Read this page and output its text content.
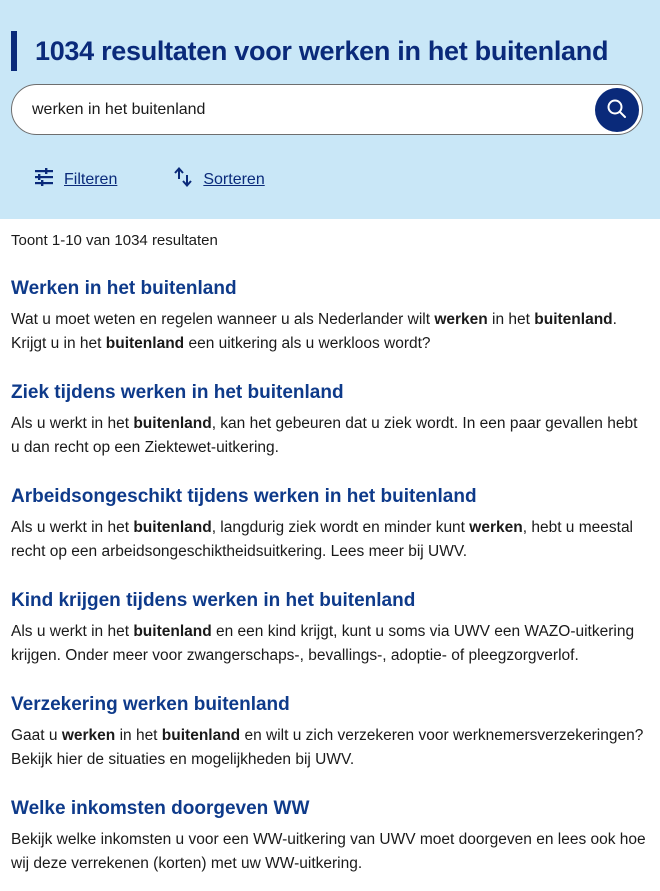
1034 resultaten voor werken in het buitenland
werken in het buitenland
Filteren	Sorteren

Toont 1-10 van 1034 resultaten

Werken in het buitenland

Wat u moet weten en regelen wanneer u als Nederlander wilt werken in het buitenland. Krijgt u in het buitenland een uitkering als u werkloos wordt?

Ziek tijdens werken in het buitenland

Als u werkt in het buitenland, kan het gebeuren dat u ziek wordt. In een paar gevallen hebt u dan recht op een Ziektewet-uitkering.

Arbeidsongeschikt tijdens werken in het buitenland

Als u werkt in het buitenland, langdurig ziek wordt en minder kunt werken, hebt u meestal recht op een arbeidsongeschiktheidsuitkering. Lees meer bij UWV.

Kind krijgen tijdens werken in het buitenland

Als u werkt in het buitenland en een kind krijgt, kunt u soms via UWV een WAZO-uitkering krijgen. Onder meer voor zwangerschaps-, bevallings-, adoptie- of pleegzorgverlof.

Verzekering werken buitenland

Gaat u werken in het buitenland en wilt u zich verzekeren voor werknemersverzekeringen? Bekijk hier de situaties en mogelijkheden bij UWV.

Welke inkomsten doorgeven WW

Bekijk welke inkomsten u voor een WW-uitkering van UWV moet doorgeven en lees ook hoe wij deze verrekenen (korten) met uw WW-uitkering.
